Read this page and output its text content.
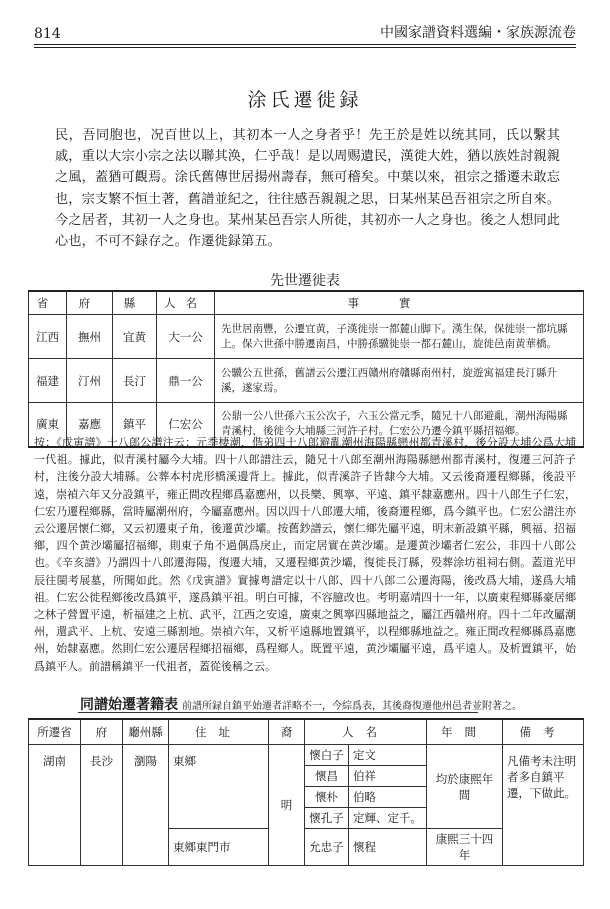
814	中國家譜資料選編・家族源流卷
涂氏遷徙録
民，吾同胞也，况百世以上，其初本一人之身者乎！先王於是姓以统其同，氏以繫其戚，重以大宗小宗之法以聯其涣，仁乎哉！是以周赐遺民，漢徙大姓，猶以族姓討親親之風，蓋猶可觀焉。涂氏舊傳世居揚州壽春，無可稽矣。中葉以來，祖宗之播遷未敢忘也，宗支繁不恒土著，舊譜並紀之，往往感吾親親之思，日某州某邑吾祖宗之所自來。今之居者，其初一人之身也。某州某邑吾宗人所徙，其初亦一人之身也。後之人想同此心也，不可不録存之。作遷徙録第五。
先世遷徙表
省	府	縣	人名	事實
江西	撫州	宜黄	大一公	先世居南豐，公遷宜黄，子漢徙崇一都麓山脚下。漢生保，保徙崇一都坑縣上。保六世孫中勝遷南昌，中勝孫驥徙崇一都石麓山，旋徙邑南黄華橋。
福建	汀州	長汀	鼎一公	公驥公五世孫，舊譜云公遷江西贛州府贛縣南州村，旋遊寓福建長汀縣升溪，遂家焉。
廣東	嘉應	鎮平	仁宏公	公鼎一公八世孫六玉公次子，六玉公當元季，隨兄十八郎避亂，潮州海陽縣青溪村，後徙今大埔縣三河許子村。仁宏公乃遷今鎮平縣招福鄉。
按：《戊寅譜》十八郎公譜注云：元季棲潮，偕弟四十八郎避亂潮州海陽縣戀州都青溪村，後分設大埔公爲大埔一代祖。據此，似青溪村屬今大埔。四十八郎譜注云，隨兄十八郎至潮州海陽縣戀州都青溪村，復遷三河許子村，注後分設大埔縣。公葬本村虎形橋溪邊背上。據此，似青溪許子皆隸今大埔。又云後裔遷程鄉縣，後設平遠，崇禎六年又分設鎮平，雍正間改程鄉爲嘉應州，以長樂、興寧、平遠、鎮平隸嘉應州。四十八郎生子仁宏，仁宏乃遷程鄉縣，當時屬潮州府，今屬嘉應州。因以四十八郎遷大埔，後裔遷程鄉，爲今鎮平也。仁宏公譜注亦云公遷居懷仁鄉，又云初遷東子角，後遷黄沙壩。按舊鈔譜云，懷仁鄉先屬平遠，明末新設鎮平縣，興福、招福鄉，四个黄沙壩屬招福鄉，則東子角不過偶爲戾止，而定居實在黄沙壩。是遷黄沙壩者仁宏公，非四十八郎公也。《辛亥譜》乃謂四十八郎遷海陽，復遷大埔，又遷程鄉黄沙壩，復徙長汀縣，殁葬涂坊祖祠右側。蓋道光甲辰往閩考展墓，所聞如此。然《戊寅譜》實據粤譜定以十八郎、四十八郎二公遷海陽，後改爲大埔，遂爲大埔祖。仁宏公徙程鄉後改爲鎮平，遂爲鎮平祖。明白可據，不容臆改也。考明嘉靖四十一年，以廣東程鄉縣豪居鄉之林子營置平遠，析福建之上杭、武平，江西之安遠，廣東之興寧四縣地益之，屬江西贛州府。四十二年改屬潮州，還武平、上杭、安遠三縣割地。崇禎六年，又析平遠縣地置鎮平，以程鄉縣地益之。雍正間改程鄉縣爲嘉應州，始隸嘉應。然則仁宏公遷居程鄉招福鄉，爲程鄉人。既置平遠，黄沙壩屬平遠，爲平遠人。及析置鎮平，始爲鎮平人。前譜稱鎮平一代祖者，蓋從後稱之云。
同譜始遷著籍表 前譜所録自鎮平始遷者詳略不一，今綜爲表，其後裔復遷他州邑者並附著之。
所遷省	府	廳州縣	住址	裔	人名		年間	備考
湖南	長沙	瀏陽	東鄉	明	懷白子	定文	均於康熙年間	凡備考未注明者多自鎮平遷，下做此。
					懷昌	伯祥		
					懷朴	伯略		
					懷孔子	定輝、定千。		
			東鄉東門市		允忠子	懷程	康熙三十四年	
